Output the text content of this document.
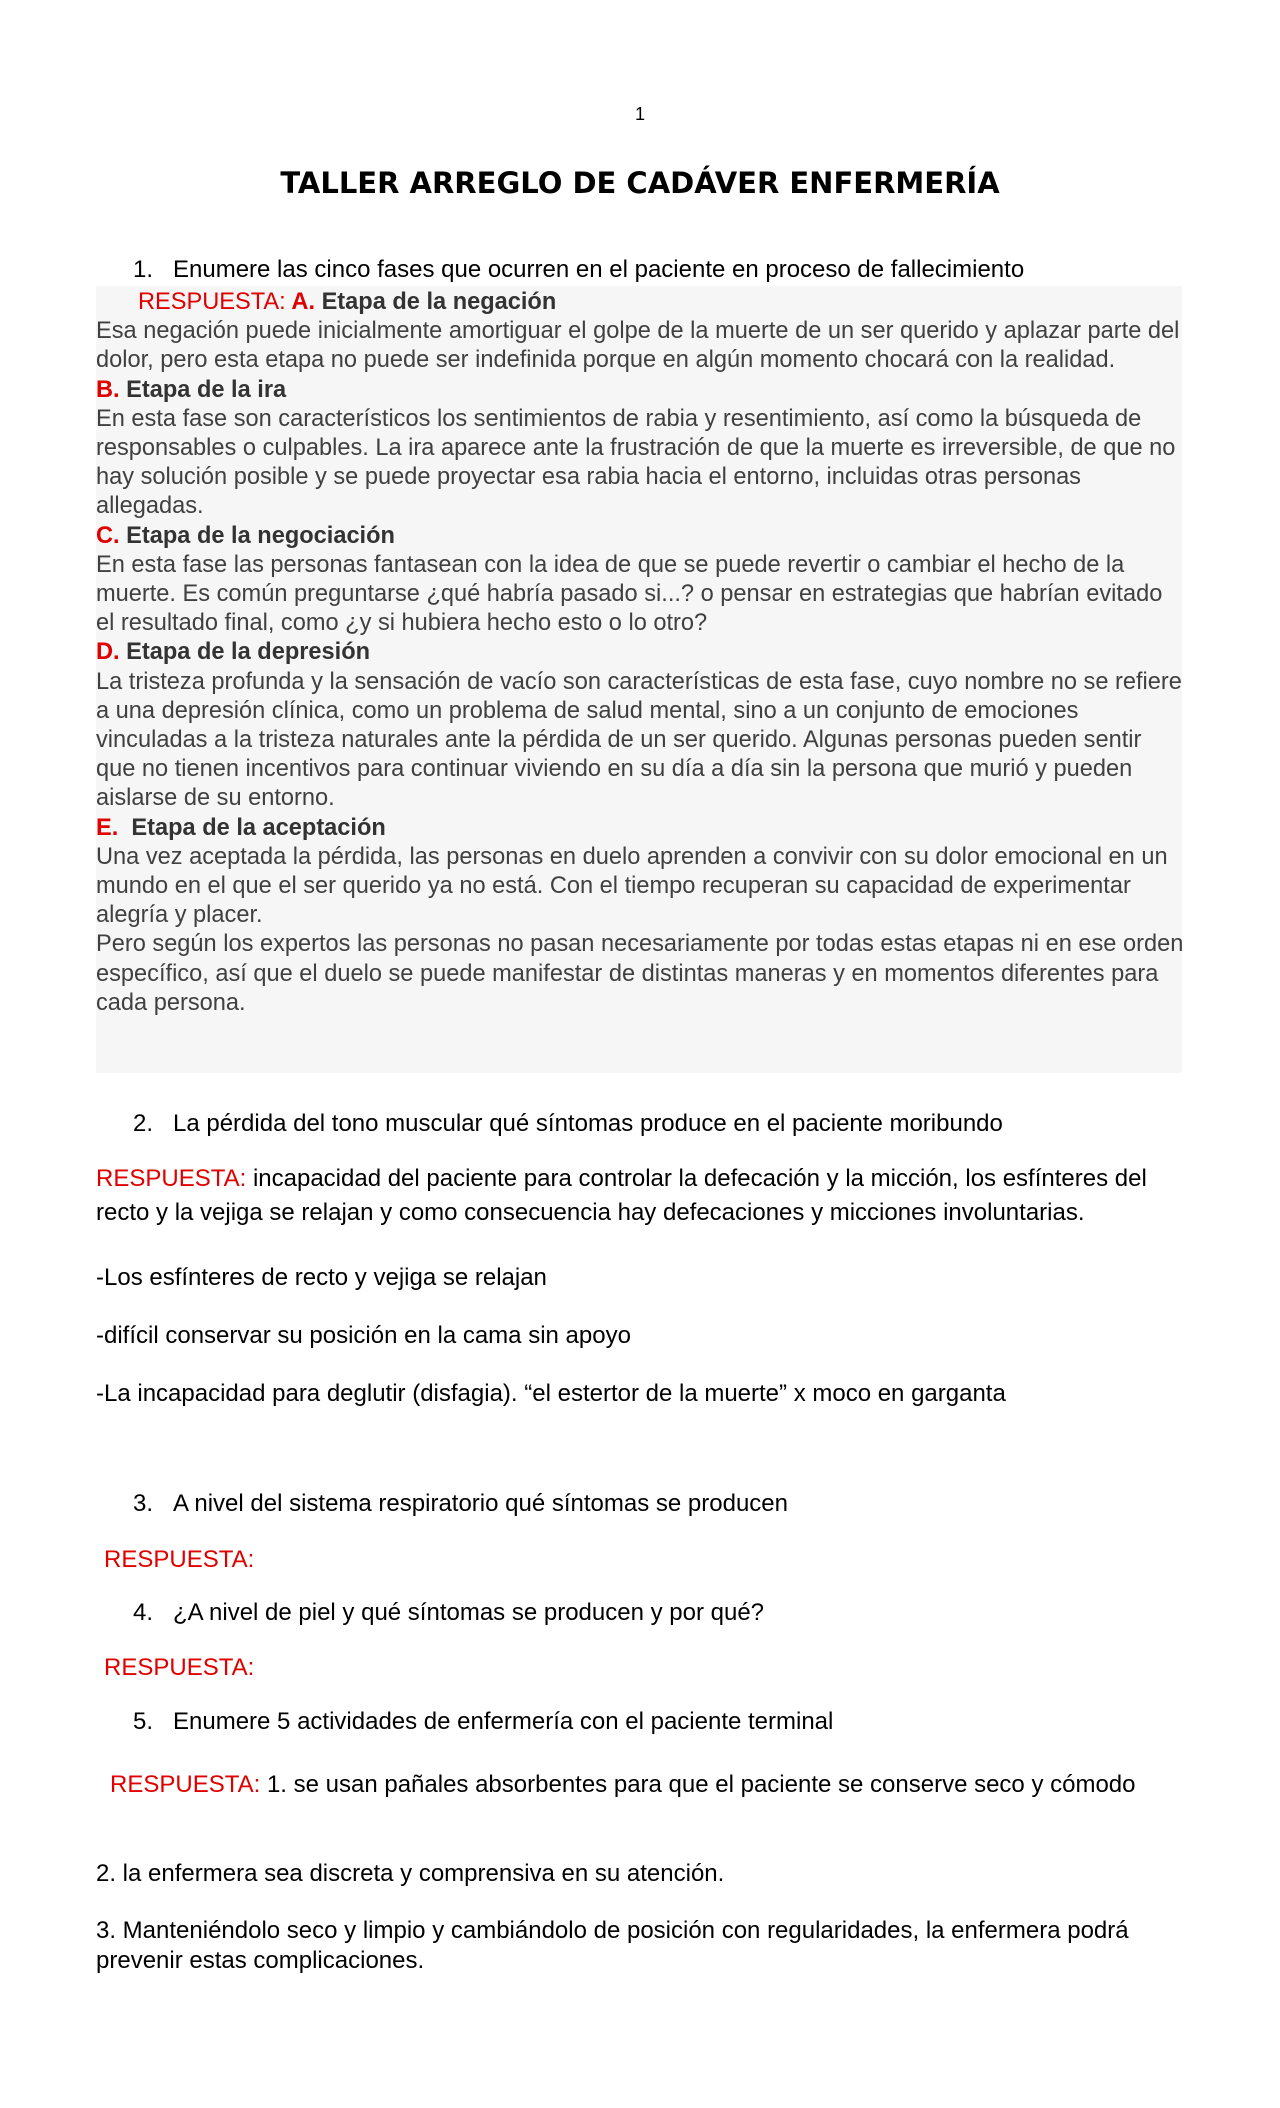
1
TALLER ARREGLO DE CADÁVER ENFERMERÍA
1. Enumere las cinco fases que ocurren en el paciente en proceso de fallecimiento

RESPUESTA: A. Etapa de la negación

Esa negación puede inicialmente amortiguar el golpe de la muerte de un ser querido y aplazar parte del dolor, pero esta etapa no puede ser indefinida porque en algún momento chocará con la realidad.

B. Etapa de la ira

En esta fase son característicos los sentimientos de rabia y resentimiento, así como la búsqueda de responsables o culpables. La ira aparece ante la frustración de que la muerte es irreversible, de que no hay solución posible y se puede proyectar esa rabia hacia el entorno, incluidas otras personas allegadas.

C. Etapa de la negociación

En esta fase las personas fantasean con la idea de que se puede revertir o cambiar el hecho de la muerte. Es común preguntarse ¿qué habría pasado si...? o pensar en estrategias que habrían evitado el resultado final, como ¿y si hubiera hecho esto o lo otro?

D. Etapa de la depresión

La tristeza profunda y la sensación de vacío son características de esta fase, cuyo nombre no se refiere a una depresión clínica, como un problema de salud mental, sino a un conjunto de emociones vinculadas a la tristeza naturales ante la pérdida de un ser querido. Algunas personas pueden sentir que no tienen incentivos para continuar viviendo en su día a día sin la persona que murió y pueden aislarse de su entorno.

E. Etapa de la aceptación

Una vez aceptada la pérdida, las personas en duelo aprenden a convivir con su dolor emocional en un mundo en el que el ser querido ya no está. Con el tiempo recuperan su capacidad de experimentar alegría y placer.

Pero según los expertos las personas no pasan necesariamente por todas estas etapas ni en ese orden específico, así que el duelo se puede manifestar de distintas maneras y en momentos diferentes para cada persona.

2. La pérdida del tono muscular qué síntomas produce en el paciente moribundo
RESPUESTA: incapacidad del paciente para controlar la defecación y la micción, los esfínteres del recto y la vejiga se relajan y como consecuencia hay defecaciones y micciones involuntarias.
-Los esfínteres de recto y vejiga se relajan
-difícil conservar su posición en la cama sin apoyo
-La incapacidad para deglutir (disfagia). “el estertor de la muerte” x moco en garganta
3. A nivel del sistema respiratorio qué síntomas se producen
RESPUESTA:
4. ¿A nivel de piel y qué síntomas se producen y por qué?
RESPUESTA:
5. Enumere 5 actividades de enfermería con el paciente terminal
RESPUESTA: 1. se usan pañales absorbentes para que el paciente se conserve seco y cómodo
2. la enfermera sea discreta y comprensiva en su atención.
3. Manteniéndolo seco y limpio y cambiándolo de posición con regularidades, la enfermera podrá prevenir estas complicaciones.
